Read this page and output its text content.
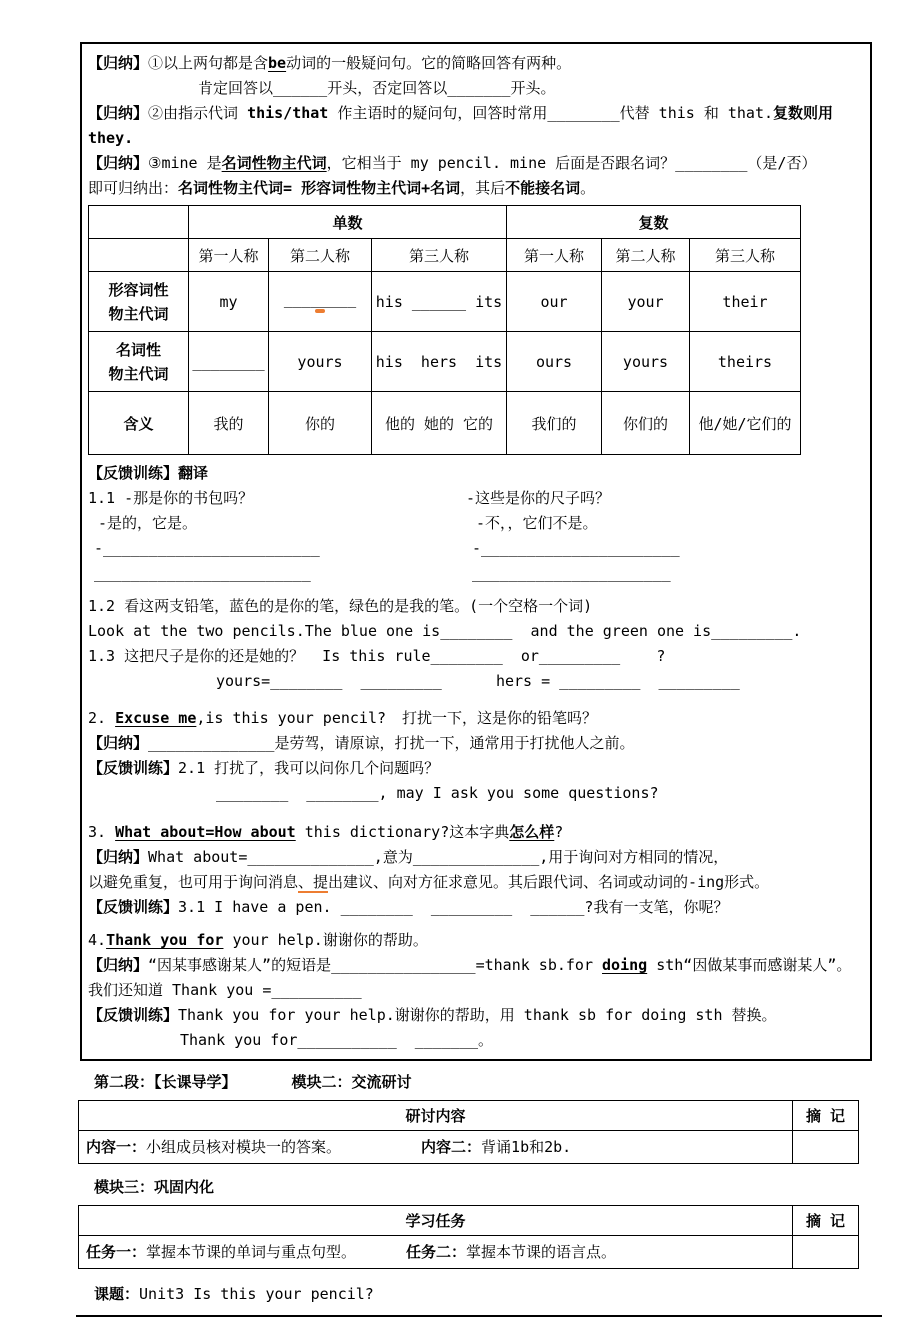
【归纳】①以上两句都是含be动词的一般疑问句。它的简略回答有两种。

肯定回答以______开头，否定回答以_______开头。

【归纳】②由指示代词 this/that 作主语时的疑问句，回答时常用________代替 this 和 that.复数则用 they.

【归纳】③mine 是名词性物主代词，它相当于 my pencil. mine 后面是否跟名词？________（是/否）

即可归纳出：名词性物主代词= 形容词性物主代词+名词，其后不能接名词。

	单数			复数		
	第一人称	第二人称	第三人称	第一人称	第二人称	第三人称

形容词性
物主代词	my	________	his ______ its	our	your	their

名词性
物主代词	________	yours	his  hers  its	ours	yours	theirs
含义	我的	你的	他的 她的 它的	我们的	你们的	他/她/它们的

【反馈训练】翻译

1.1 -那是你的书包吗？	-这些是你的尺子吗？
-是的，它是。	-不，，它们不是。
-________________________	-______________________
________________________	______________________

1.2 看这两支铅笔，蓝色的是你的笔，绿色的是我的笔。(一个空格一个词)

Look at the two pencils.The blue one is________  and the green one is_________.

1.3 这把尺子是你的还是她的？  Is this rule________  or_________    ?

yours=________  _________      hers = _________  _________

2. Excuse me,is this your pencil? 打扰一下，这是你的铅笔吗？

【归纳】______________是劳驾，请原谅，打扰一下，通常用于打扰他人之前。

【反馈训练】2.1 打扰了，我可以问你几个问题吗？

________  ________, may I ask you some questions?

3. What about=How about this dictionary?这本字典怎么样?

【归纳】What about=______________,意为______________,用于询问对方相同的情况，

以避免重复，也可用于询问消息、提出建议、向对方征求意见。其后跟代词、名词或动词的-ing形式。

【反馈训练】3.1 I have a pen. ________  _________  ______?我有一支笔，你呢？

4.Thank you for your help.谢谢你的帮助。

【归纳】“因某事感谢某人”的短语是________________=thank sb.for doing sth“因做某事而感谢某人”。 我们还知道 Thank you =__________

【反馈训练】Thank you for your help.谢谢你的帮助，用 thank sb for doing sth 替换。

Thank you for___________  _______。

第二段：【长课导学】	模块二：交流研讨

研讨内容	摘 记
内容一：小组成员核对模块一的答案。 内容二：背诵1b和2b.	

模块三：巩固内化

学习任务	摘 记
任务一：掌握本节课的单词与重点句型。 任务二：掌握本节课的语言点。	
课题：Unit3 Is this your pencil?
